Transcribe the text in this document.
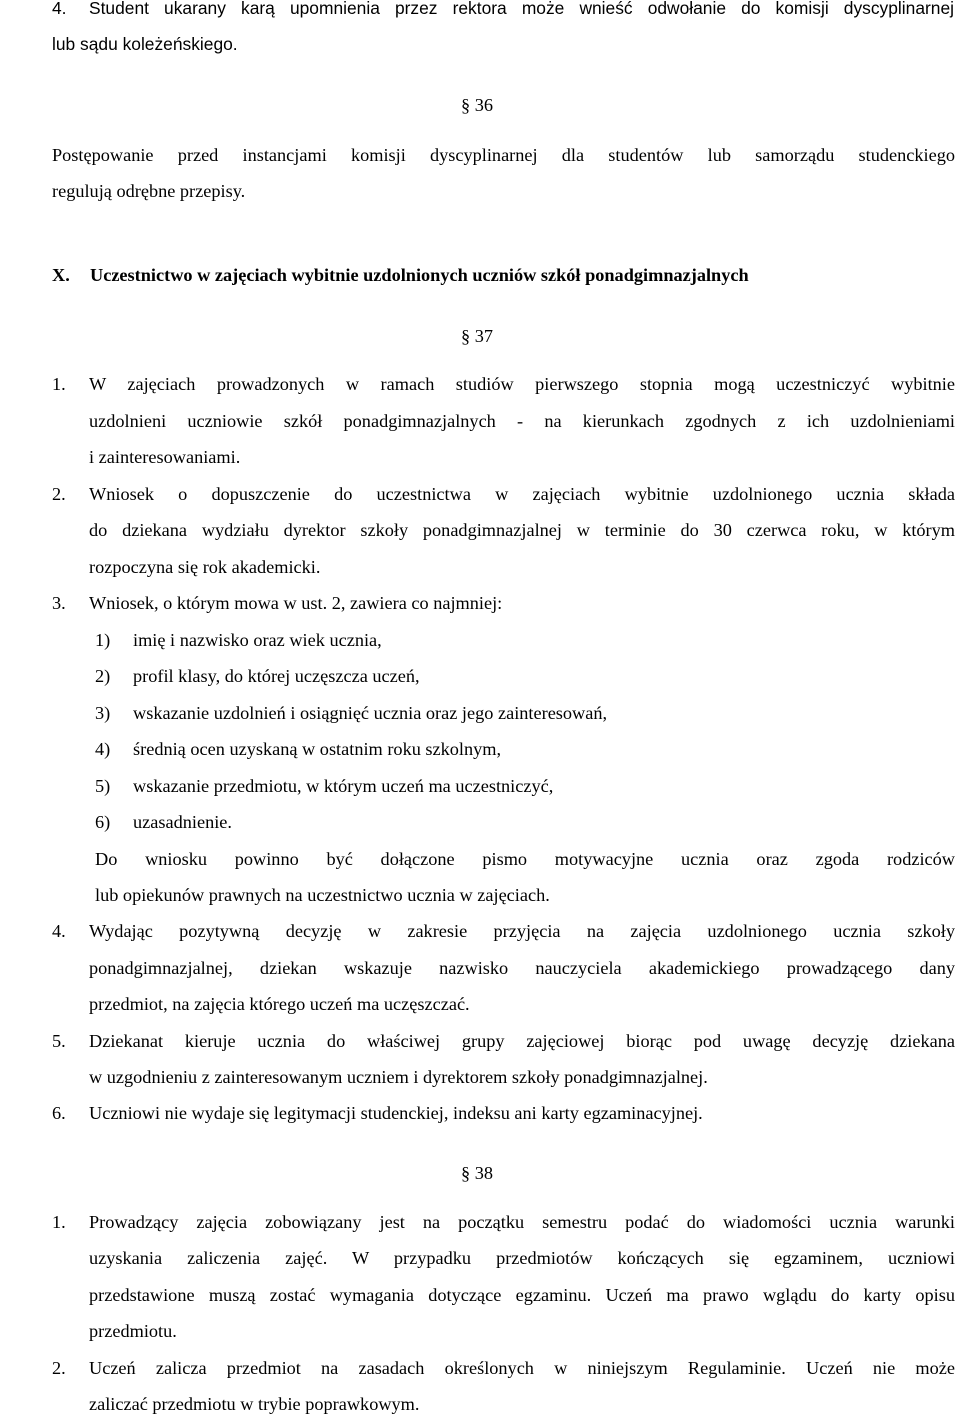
4. Student ukarany karą upomnienia przez rektora może wnieść odwołanie do komisji dyscyplinarnej
lub sądu koleżeńskiego.
§ 36
Postępowanie przed instancjami komisji dyscyplinarnej dla studentów lub samorządu studenckiego
regulują odrębne przepisy.
X. Uczestnictwo w zajęciach wybitnie uzdolnionych uczniów szkół ponadgimnazjalnych
§ 37
1. W zajęciach prowadzonych w ramach studiów pierwszego stopnia mogą uczestniczyć wybitnie
uzdolnieni uczniowie szkół ponadgimnazjalnych - na kierunkach zgodnych z ich uzdolnieniami
i zainteresowaniami.
2. Wniosek o dopuszczenie do uczestnictwa w zajęciach wybitnie uzdolnionego ucznia składa
do dziekana wydziału dyrektor szkoły ponadgimnazjalnej w terminie do 30 czerwca roku, w którym
rozpoczyna się rok akademicki.
3. Wniosek, o którym mowa w ust. 2, zawiera co najmniej:
1) imię i nazwisko oraz wiek ucznia,
2) profil klasy, do której uczęszcza uczeń,
3) wskazanie uzdolnień i osiągnięć ucznia oraz jego zainteresowań,
4) średnią ocen uzyskaną w ostatnim roku szkolnym,
5) wskazanie przedmiotu, w którym uczeń ma uczestniczyć,
6) uzasadnienie.
Do wniosku powinno być dołączone pismo motywacyjne ucznia oraz zgoda rodziców
lub opiekunów prawnych na uczestnictwo ucznia w zajęciach.
4. Wydając pozytywną decyzję w zakresie przyjęcia na zajęcia uzdolnionego ucznia szkoły
ponadgimnazjalnej, dziekan wskazuje nazwisko nauczyciela akademickiego prowadzącego dany
przedmiot, na zajęcia którego uczeń ma uczęszczać.
5. Dziekanat kieruje ucznia do właściwej grupy zajęciowej biorąc pod uwagę decyzję dziekana
w uzgodnieniu z zainteresowanym uczniem i dyrektorem szkoły ponadgimnazjalnej.
6. Uczniowi nie wydaje się legitymacji studenckiej, indeksu ani karty egzaminacyjnej.
§ 38
1. Prowadzący zajęcia zobowiązany jest na początku semestru podać do wiadomości ucznia warunki
uzyskania zaliczenia zajęć. W przypadku przedmiotów kończących się egzaminem, uczniowi
przedstawione muszą zostać wymagania dotyczące egzaminu. Uczeń ma prawo wglądu do karty opisu
przedmiotu.
2. Uczeń zalicza przedmiot na zasadach określonych w niniejszym Regulaminie. Uczeń nie może
zaliczać przedmiotu w trybie poprawkowym.
